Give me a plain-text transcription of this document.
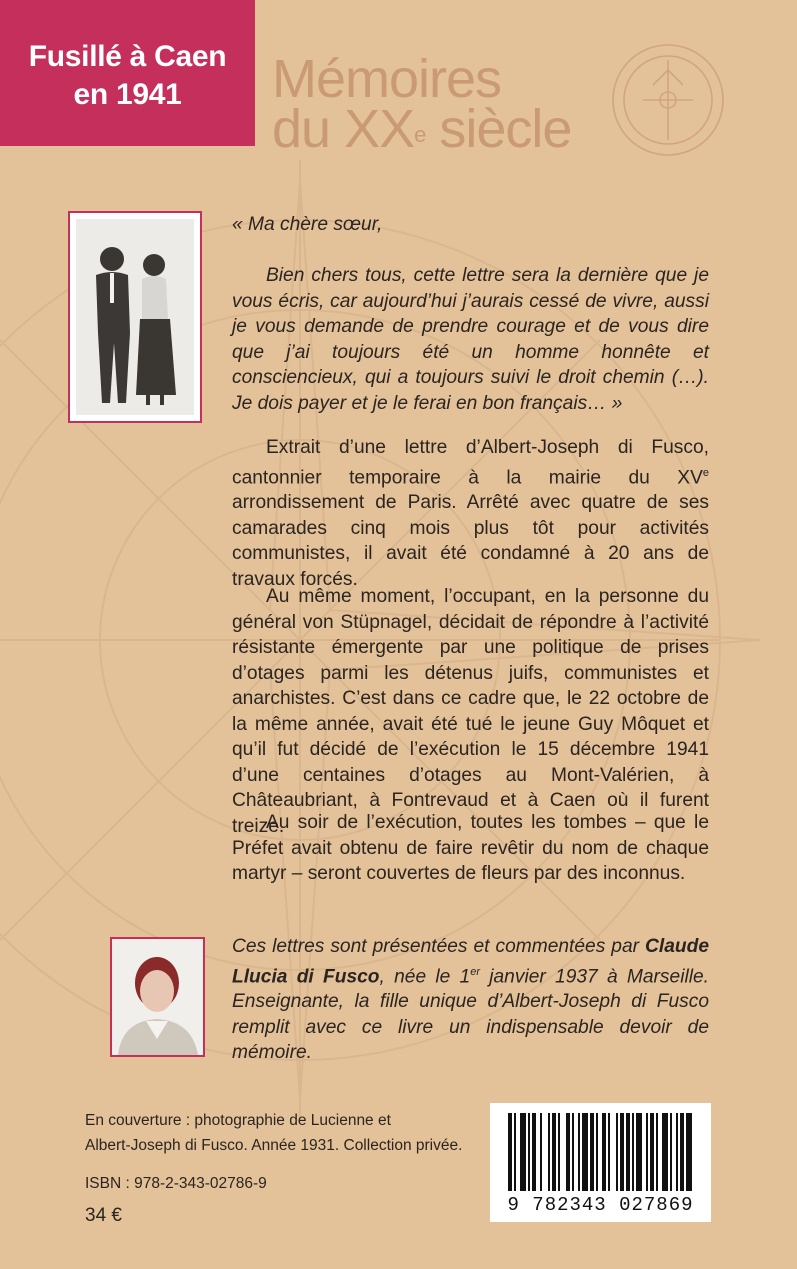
Fusillé à Caen
en 1941	Mémoires
du XXe siècle

« Ma chère sœur,

Bien chers tous, cette lettre sera la dernière que je vous écris, car aujourd’hui j’aurais cessé de vivre, aussi je vous demande de prendre courage et de vous dire que j’ai toujours été un homme honnête et consciencieux, qui a toujours suivi le droit chemin (…). Je dois payer et je le ferai en bon français… »

Extrait d’une lettre d’Albert-Joseph di Fusco, cantonnier temporaire à la mairie du XVe arrondissement de Paris. Arrêté avec quatre de ses camarades cinq mois plus tôt pour activités communistes, il avait été condamné à 20 ans de travaux forcés.

Au même moment, l’occupant, en la personne du général von Stüpnagel, décidait de répondre à l’activité résistante émergente par une politique de prises d’otages parmi les détenus juifs, communistes et anarchistes. C’est dans ce cadre que, le 22 octobre de la même année, avait été tué le jeune Guy Môquet et qu’il fut décidé de l’exécution le 15 décembre 1941 d’une centaines d’otages au Mont-Valérien, à Châteaubriant, à Fontrevaud et à Caen où il furent treize.

Au soir de l’exécution, toutes les tombes – que le Préfet avait obtenu de faire revêtir du nom de chaque martyr – seront couvertes de fleurs par des inconnus.

Ces lettres sont présentées et commentées par Claude Llucia di Fusco, née le 1er janvier 1937 à Marseille. Enseignante, la fille unique d’Albert-Joseph di Fusco remplit avec ce livre un indispensable devoir de mémoire.

En couverture : photographie de Lucienne et
Albert-Joseph di Fusco. Année 1931. Collection privée.
ISBN : 978-2-343-02786-9
34 €	9 782343 027869
